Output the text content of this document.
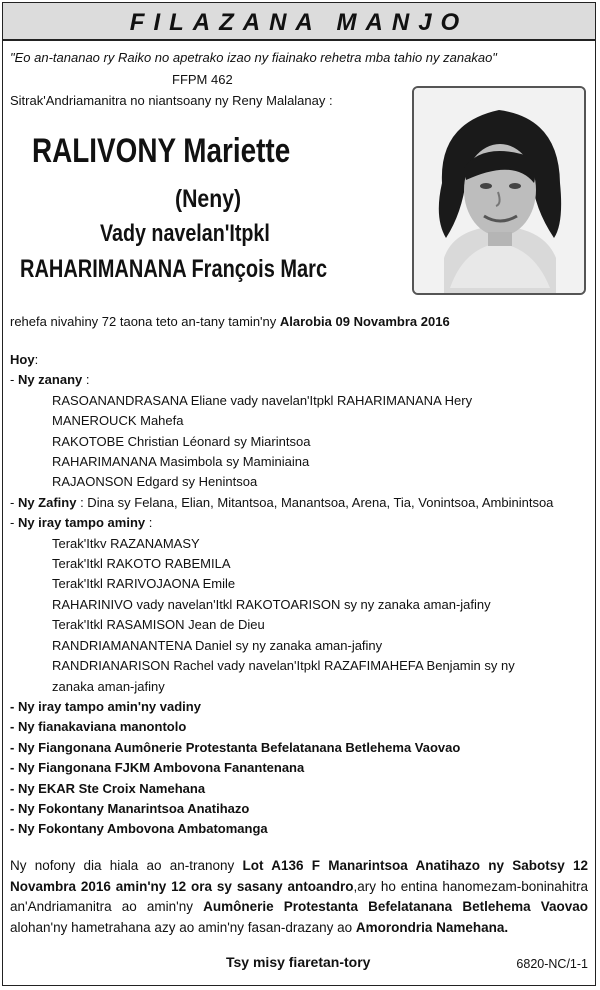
FILAZANA MANJO
"Eo an-tananao ry Raiko no apetrako izao ny fiainako rehetra mba tahio ny zanakao"
FFPM 462
Sitrak'Andriamanitra no niantsoany ny Reny Malalanay :
RALIVONY Mariette
(Neny)
Vady navelan'Itpkl
RAHARIMANANA François Marc
rehefa nivahiny 72 taona teto an-tany tamin'ny Alarobia 09 Novambra 2016
Hoy:
- Ny zanany :
RASOANANDRASANA Eliane vady navelan'Itpkl RAHARIMANANA Hery
MANEROUCK Mahefa
RAKOTOBE Christian Léonard sy Miarintsoa
RAHARIMANANA Masimbola sy Maminiaina
RAJAONSON Edgard sy Henintsoa
- Ny Zafiny : Dina sy Felana, Elian, Mitantsoa, Manantsoa, Arena, Tia, Vonintsoa, Ambinintsoa
- Ny iray tampo aminy :
Terak'Itkv RAZANAMASY
Terak'Itkl RAKOTO RABEMILA
Terak'Itkl RARIVOJAONA Emile
RAHARINIVO vady navelan'Itkl RAKOTOARISON sy ny zanaka aman-jafiny
Terak'Itkl RASAMISON Jean de Dieu
RANDRIAMANANTENA Daniel sy ny zanaka aman-jafiny
RANDRIANARISON Rachel vady navelan'Itpkl RAZAFIMAHEFA Benjamin sy ny
zanaka aman-jafiny
- Ny iray tampo amin'ny vadiny
- Ny fianakaviana manontolo
- Ny Fiangonana Aumônerie Protestanta Befelatanana Betlehema Vaovao
- Ny Fiangonana FJKM Ambovona Fanantenana
- Ny EKAR Ste Croix Namehana
- Ny Fokontany Manarintsoa Anatihazo
- Ny Fokontany Ambovona Ambatomanga
Ny nofony dia hiala ao an-tranony Lot A136 F Manarintsoa Anatihazo ny Sabotsy 12 Novambra 2016 amin'ny 12 ora sy sasany antoandro,ary ho entina hanomezam-boninahitra an'Andriamanitra ao amin'ny Aumônerie Protestanta Befelatanana Betlehema Vaovao alohan'ny hametrahana azy ao amin'ny fasan-drazany ao Amorondria Namehana.
Tsy misy fiaretan-tory	6820-NC/1-1
